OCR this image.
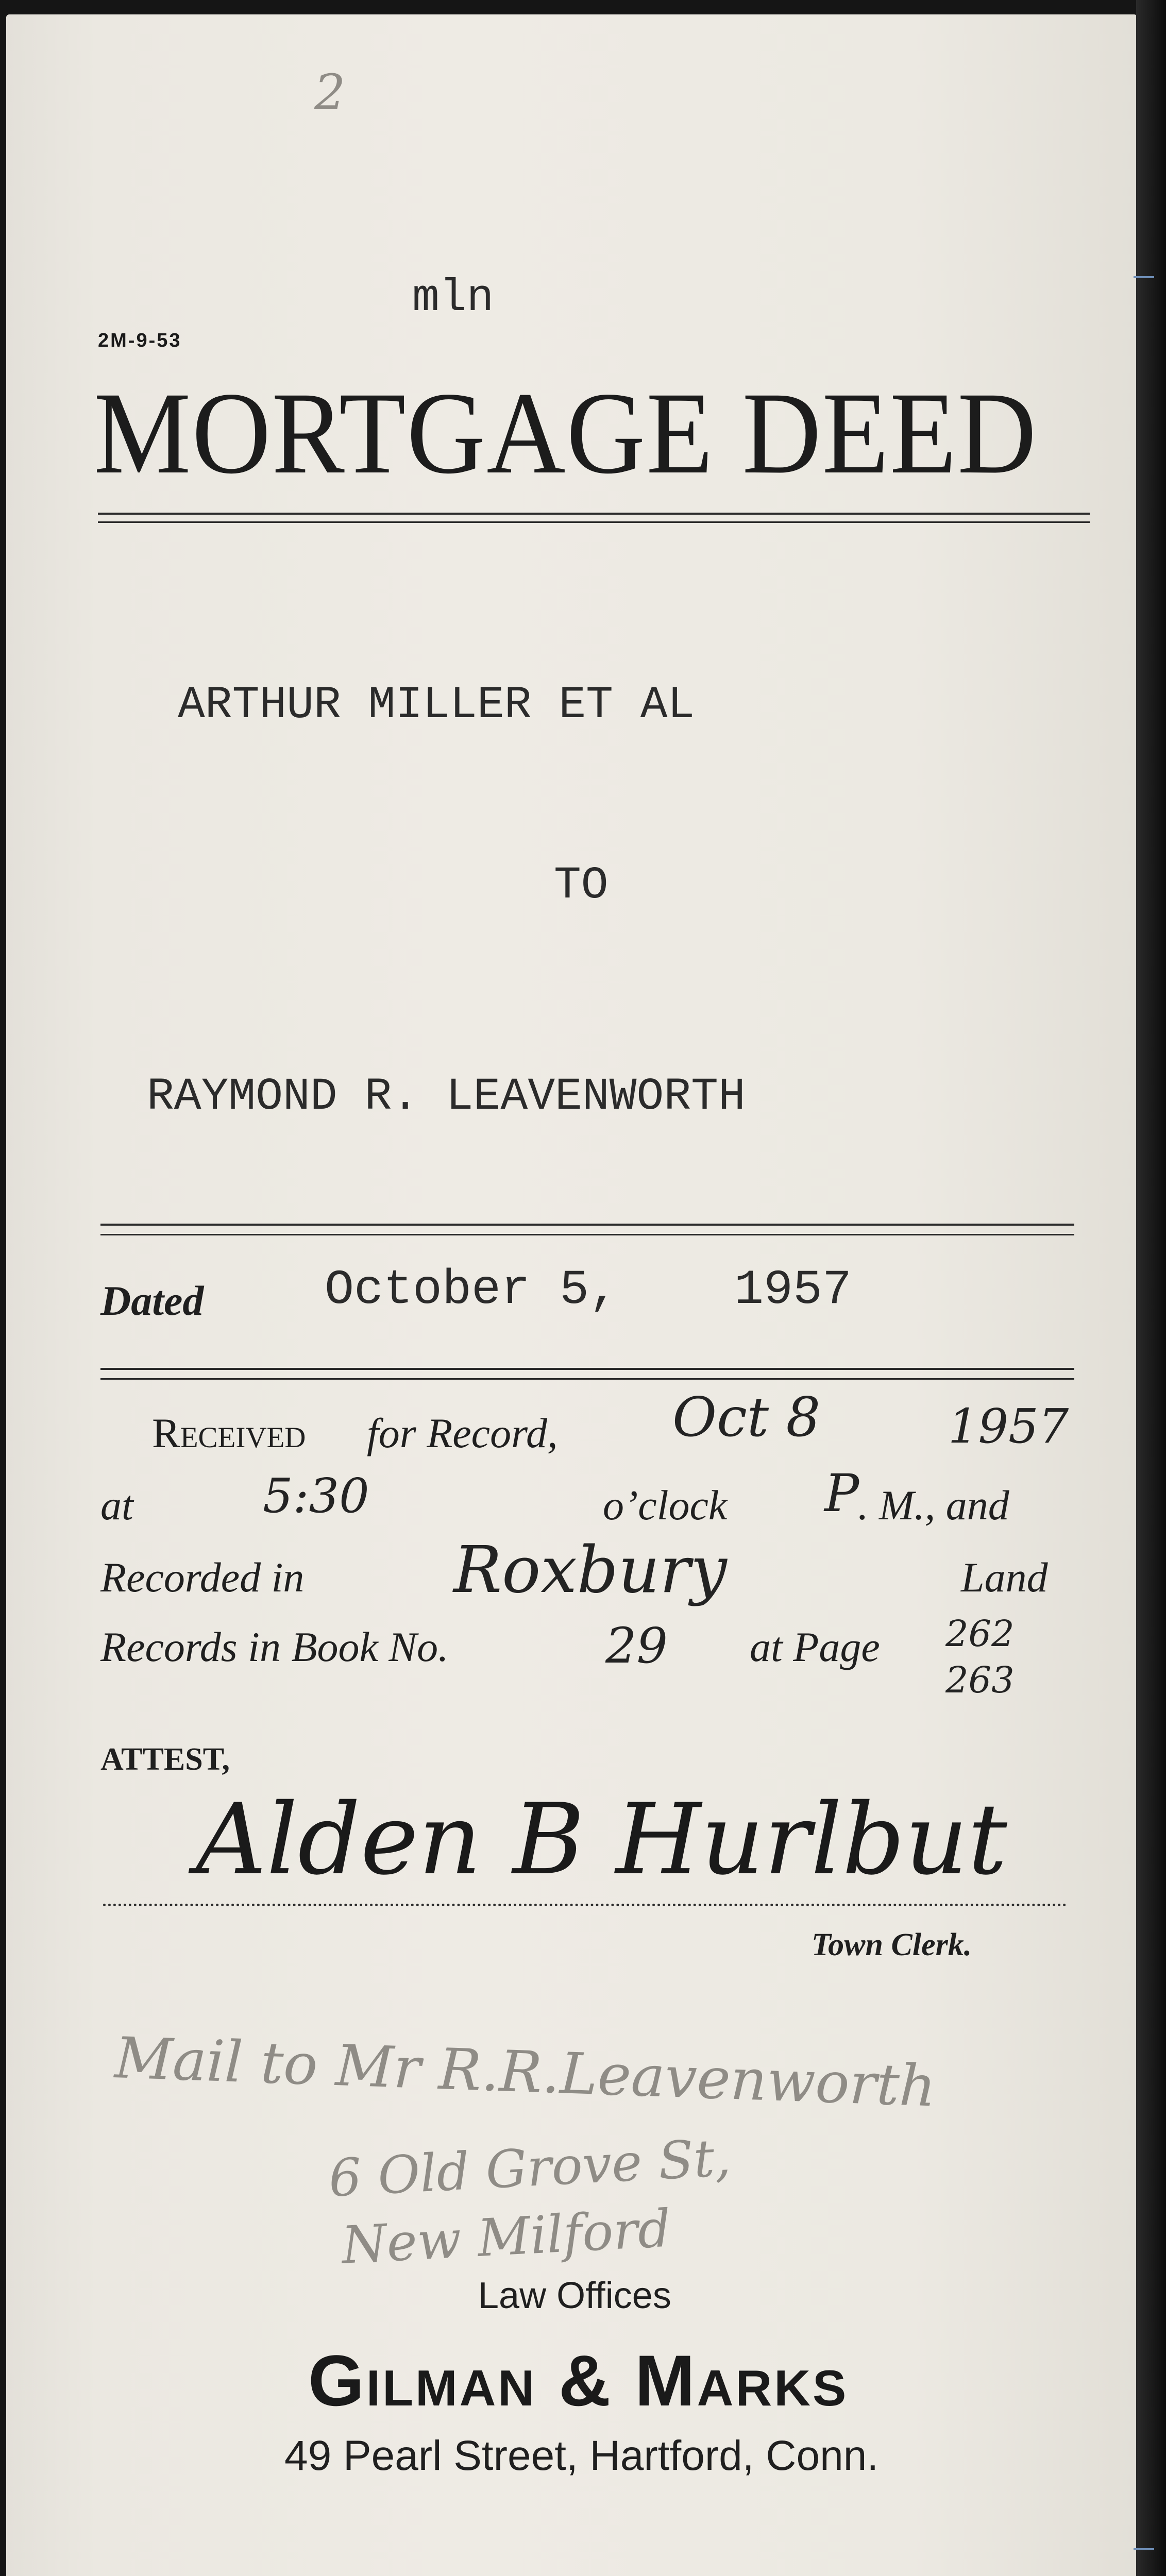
2
mln
2M-9-53
MORTGAGE DEED
ARTHUR MILLER ET AL
TO
RAYMOND R. LEAVENWORTH
Dated October 5, 1957
Received for Record, Oct 8	1957
at	5:30	o’clock P
. M., and
Recorded in Roxbury	Land
Records in Book No.	29 at Page 262
263
ATTEST,
Alden B Hurlbut
Town Clerk.
Mail to Mr R.R.Leavenworth
6 Old Grove St,
New Milford
Law Offices
Gilman & Marks
49 Pearl Street, Hartford, Conn.
